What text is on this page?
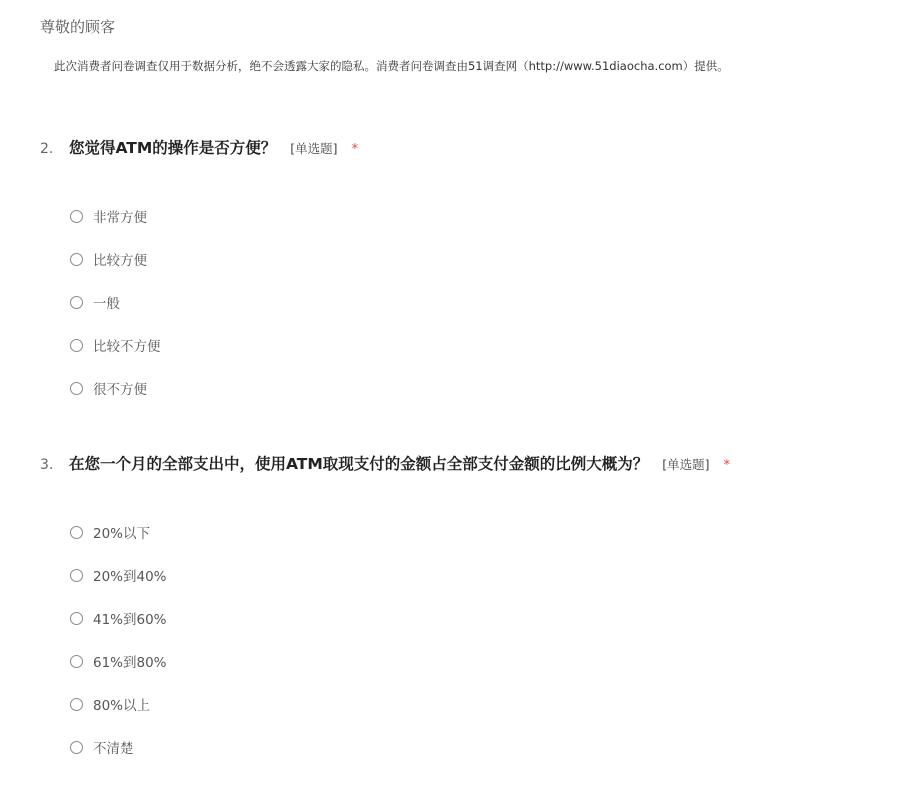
尊敬的顾客
此次消费者问卷调查仅用于数据分析，绝不会透露大家的隐私。消费者问卷调查由51调查网（http://www.51diaocha.com）提供。
2.	您觉得ATM的操作是否方便？ [单选题] *
非常方便
比较方便
一般
比较不方便
很不方便
3.	在您一个月的全部支出中，使用ATM取现支付的金额占全部支付金额的比例大概为？ [单选题] *
20%以下
20%到40%
41%到60%
61%到80%
80%以上
不清楚
